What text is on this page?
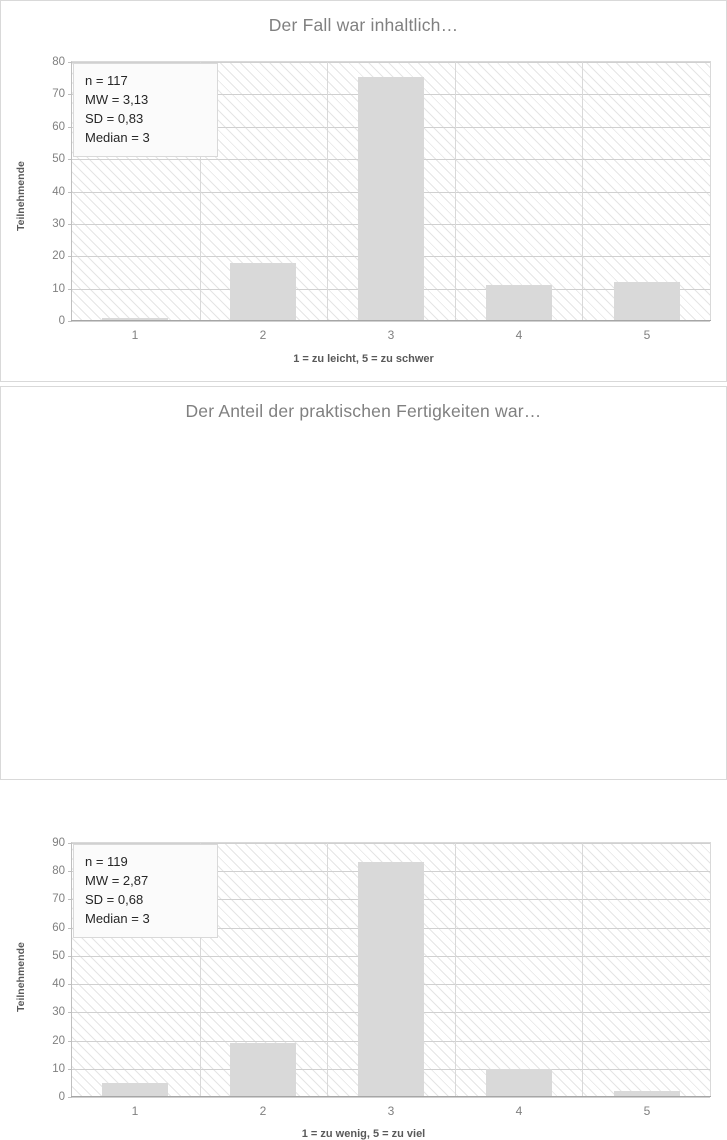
Der Fall war inhaltlich…
Teilnehmende
0
10
20
30
40
50
60
70
80
1	2	3	4	5
1 = zu leicht, 5 = zu schwer
n = 117
MW = 3,13
SD = 0,83
Median = 3
Der Anteil der praktischen Fertigkeiten war…
Teilnehmende
0
10
20
30
40
50
60
70
80
90
1	2	3	4	5
1 = zu wenig, 5 = zu viel
n = 119
MW = 2,87
SD = 0,68
Median = 3
